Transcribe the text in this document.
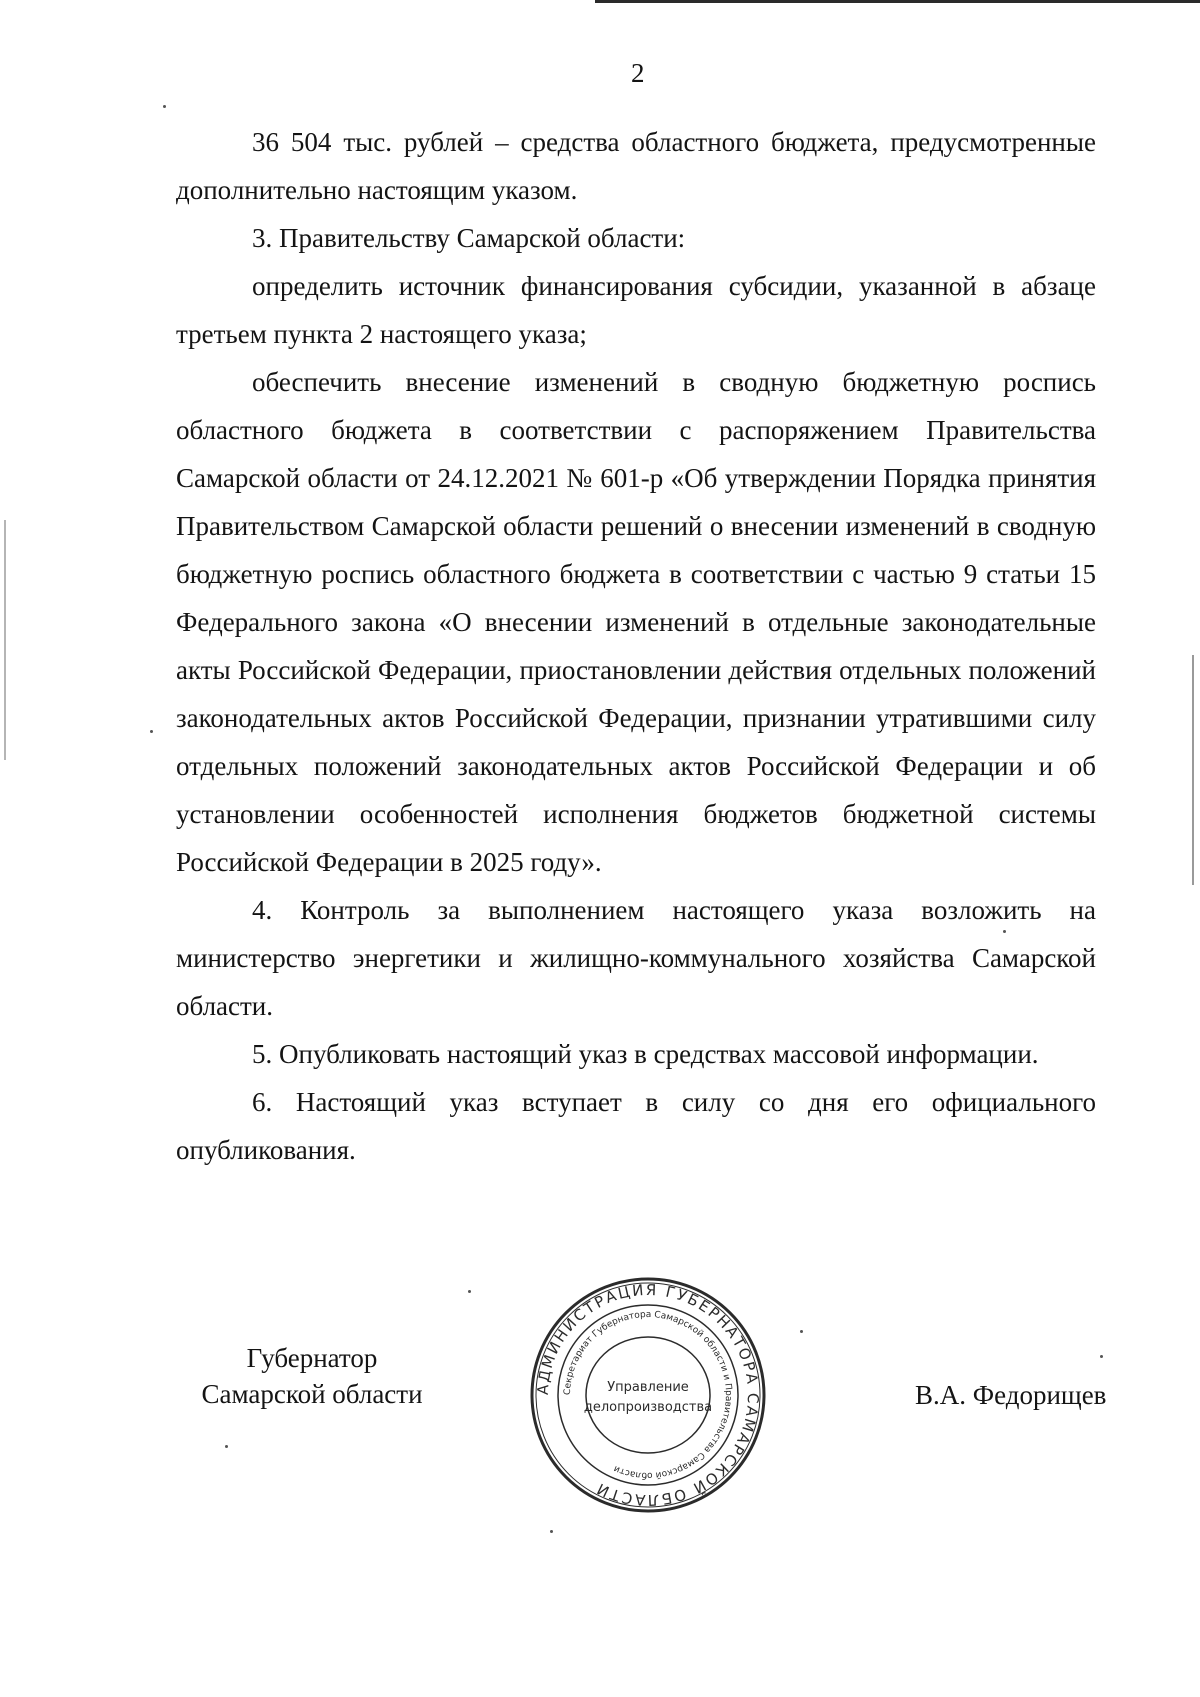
2

36 504 тыс. рублей – средства областного бюджета, предусмотренные дополнительно настоящим указом.

3. Правительству Самарской области:

определить источник финансирования субсидии, указанной в абзаце третьем пункта 2 настоящего указа;

обеспечить внесение изменений в сводную бюджетную роспись областного бюджета в соответствии с распоряжением Правительства Самарской области от 24.12.2021 № 601-р «Об утверждении Порядка принятия Правительством Самарской области решений о внесении изменений в сводную бюджетную роспись областного бюджета в соответствии с частью 9 статьи 15 Федерального закона «О внесении изменений в отдельные законодательные акты Российской Федерации, приостановлении действия отдельных положений законодательных актов Российской Федерации, признании утратившими силу отдельных положений законодательных актов Российской Федерации и об установлении особенностей исполнения бюджетов бюджетной системы Российской Федерации в 2025 году».

4. Контроль за выполнением настоящего указа возложить на министерство энергетики и жилищно-коммунального хозяйства Самарской области.

5. Опубликовать настоящий указ в средствах массовой информации.

6. Настоящий указ вступает в силу со дня его официального опубликования.

Губернатор
Самарской области	АДМИНИСТРАЦИЯ ГУБЕРНАТОРА САМАРСКОЙ ОБЛАСТИ
Секретариат Губернатора Самарской области и Правительства Самарской области
Управление
делопроизводства	В.А. Федорищев
